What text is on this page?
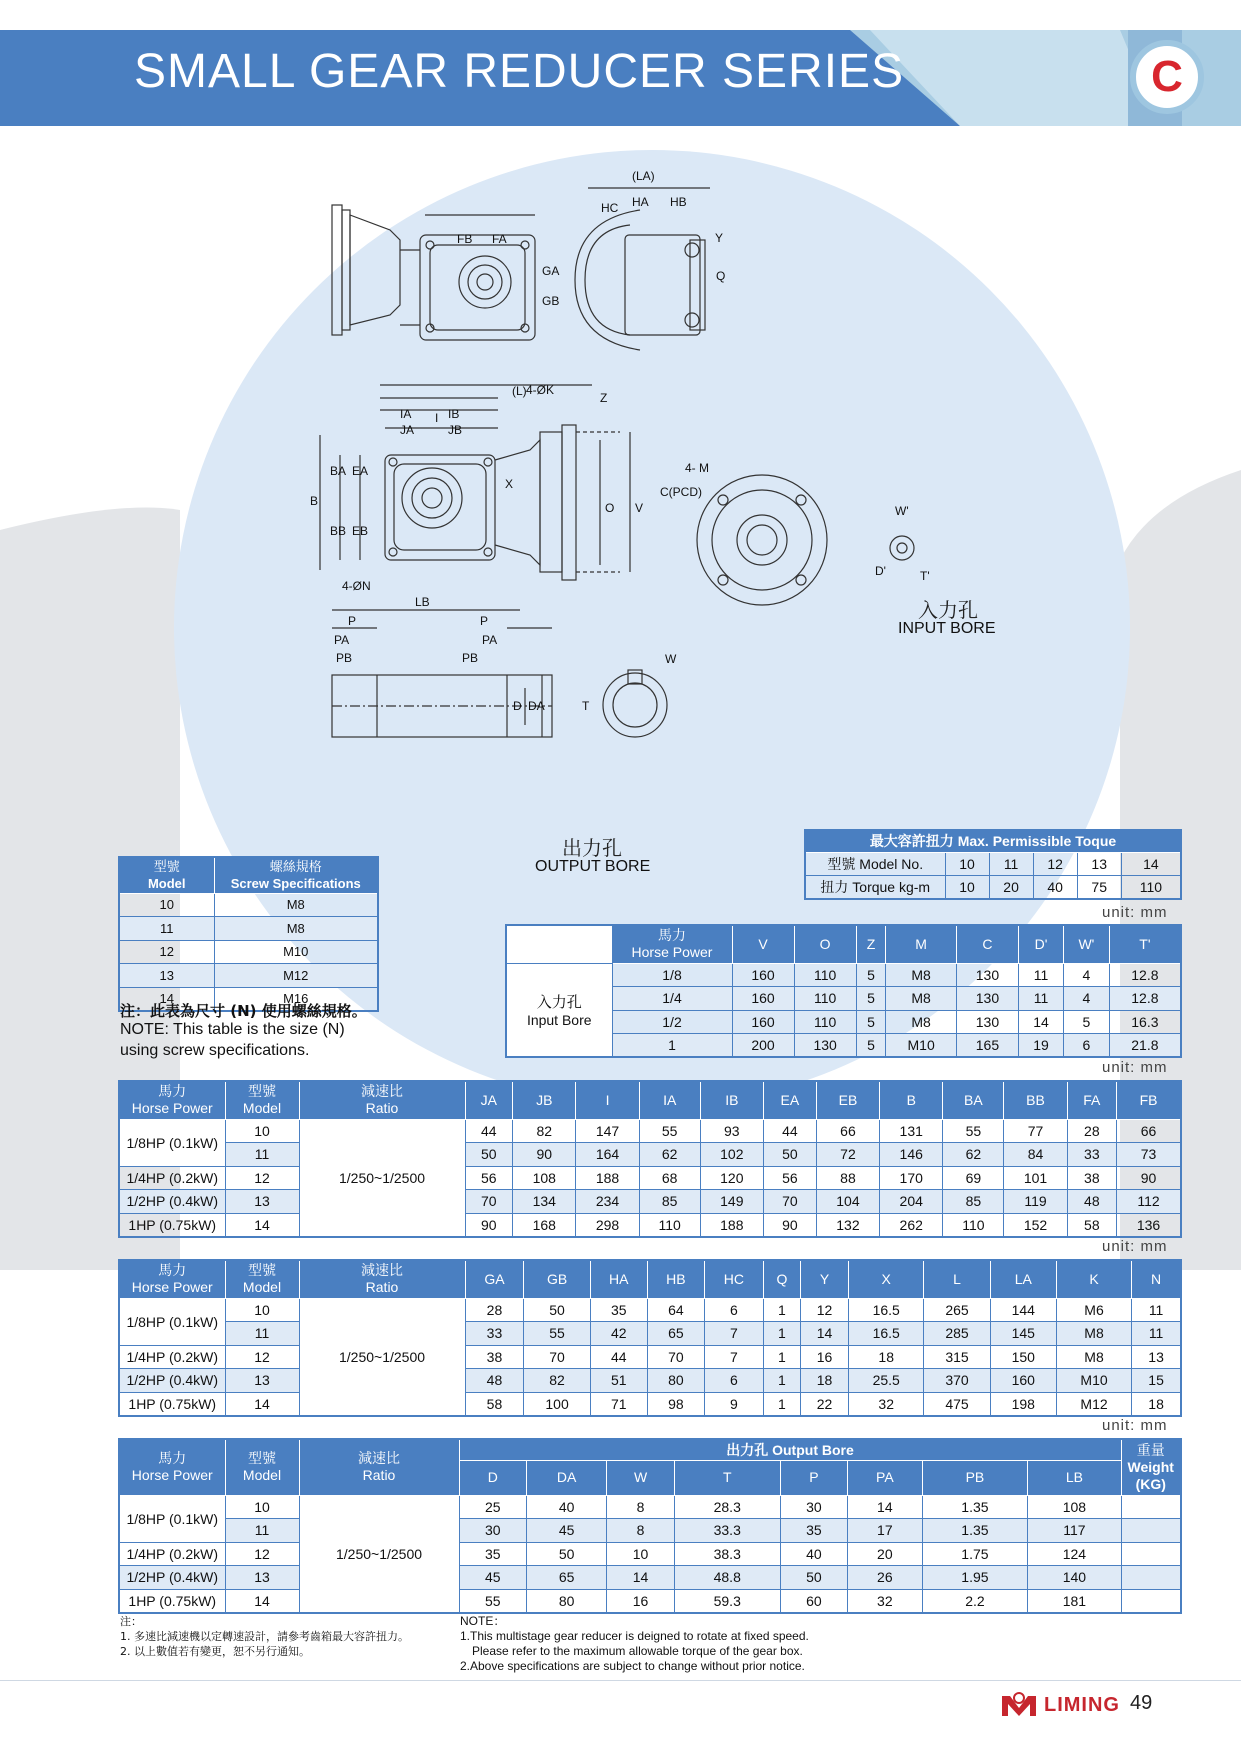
SMALL GEAR REDUCER SERIES	C
(LA)
HC HA HB
FB FA	Y
Q
GA
GB
(L) 4-ØK
I
IA	IB
JA	JB
Z
X
4- M
C(PCD)
W'
D'	T'
BA EA
B
BB EB
O V
4-ØN
LB
P	P
PA	PA
PB	PB
D DA
W
T
入力孔
INPUT BORE
出力孔
OUTPUT BORE
最大容許扭力 Max. Permissible Toque					
型號 Model No.	10	11	12	13	14
扭力 Torque kg-m	10	20	40	75	110
型號
Model	螺絲規格
Screw Specifications
10	M8
11	M8
12	M10
13	M12
14	M16
注：此表為尺寸 (N) 使用螺絲規格。
NOTE: This table is the size (N)
using screw specifications.
unit: mm
	馬力
Horse Power	V	O	Z	M	C	D'	W'	T'
入力孔
Input Bore	1/8	160	110	5	M8	130	11	4	12.8
	1/4	160	110	5	M8	130	11	4	12.8
	1/2	160	110	5	M8	130	14	5	16.3
	1	200	130	5	M10	165	19	6	21.8
unit: mm
馬力
Horse Power	型號
Model	減速比
Ratio	JA	JB	I	IA	IB	EA	EB	B	BA	BB	FA	FB
1/8HP (0.1kW)	10	1/250~1/2500	44	82	147	55	93	44	66	131	55	77	28	66
	11		50	90	164	62	102	50	72	146	62	84	33	73
1/4HP (0.2kW)	12		56	108	188	68	120	56	88	170	69	101	38	90
1/2HP (0.4kW)	13		70	134	234	85	149	70	104	204	85	119	48	112
1HP (0.75kW)	14		90	168	298	110	188	90	132	262	110	152	58	136
unit: mm
馬力
Horse Power	型號
Model	減速比
Ratio	GA	GB	HA	HB	HC	Q	Y	X	L	LA	K	N
1/8HP (0.1kW)	10	1/250~1/2500	28	50	35	64	6	1	12	16.5	265	144	M6	11
	11		33	55	42	65	7	1	14	16.5	285	145	M8	11
1/4HP (0.2kW)	12		38	70	44	70	7	1	16	18	315	150	M8	13
1/2HP (0.4kW)	13		48	82	51	80	6	1	18	25.5	370	160	M10	15
1HP (0.75kW)	14		58	100	71	98	9	1	22	32	475	198	M12	18
unit: mm
馬力
Horse Power	型號
Model	減速比
Ratio	出力孔 Output Bore								重量
Weight
(KG)
			D	DA	W	T	P	PA	PB	LB	
1/8HP (0.1kW)	10	1/250~1/2500	25	40	8	28.3	30	14	1.35	108	
	11		30	45	8	33.3	35	17	1.35	117	
1/4HP (0.2kW)	12		35	50	10	38.3	40	20	1.75	124	
1/2HP (0.4kW)	13		45	65	14	48.8	50	26	1.95	140	
1HP (0.75kW)	14		55	80	16	59.3	60	32	2.2	181	
注：
1. 多速比減速機以定轉速設計，請參考齒箱最大容許扭力。
2. 以上數值若有變更，恕不另行通知。
NOTE：
1.This multistage gear reducer is deigned to rotate at fixed speed.
Please refer to the maximum allowable torque of the gear box.
2.Above specifications are subject to change without prior notice.
LIMING 49
